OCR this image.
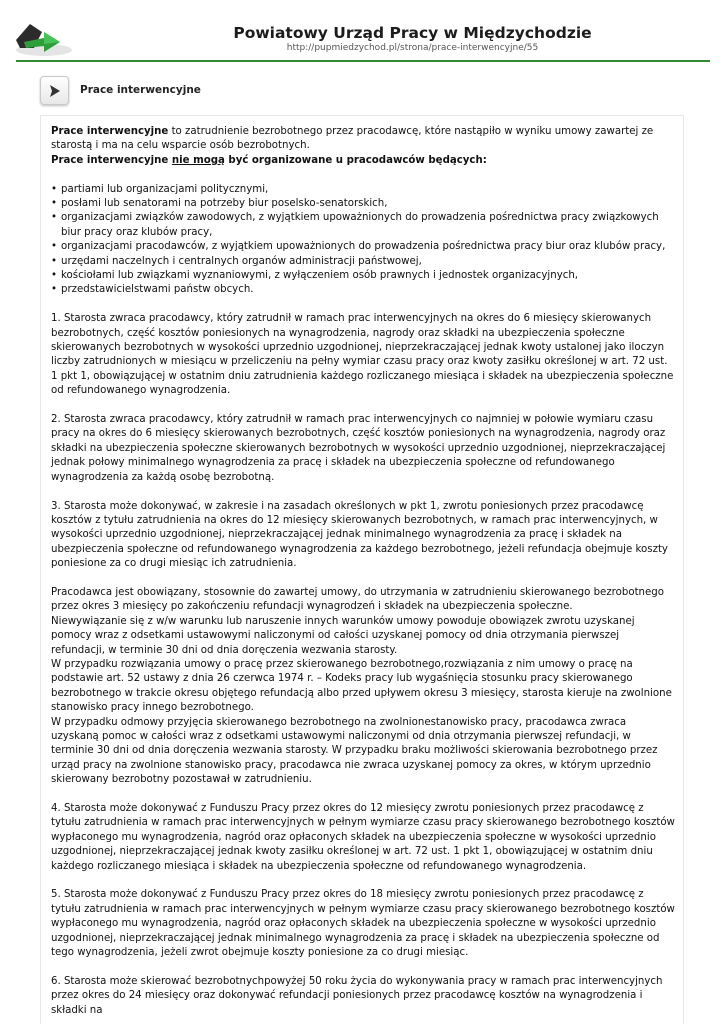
Powiatowy Urząd Pracy w Międzychodzie
http://pupmiedzychod.pl/strona/prace-interwencyjne/55
Prace interwencyjne

Prace interwencyjne to zatrudnienie bezrobotnego przez pracodawcę, które nastąpiło w wyniku umowy zawartej ze starostą i ma na celu wsparcie osób bezrobotnych.

Prace interwencyjne nie mogą być organizowane u pracodawców będących:

• partiami lub organizacjami politycznymi,
• posłami lub senatorami na potrzeby biur poselsko-senatorskich,
• organizacjami związków zawodowych, z wyjątkiem upoważnionych do prowadzenia pośrednictwa pracy związkowych biur pracy oraz klubów pracy,
• organizacjami pracodawców, z wyjątkiem upoważnionych do prowadzenia pośrednictwa pracy biur oraz klubów pracy,
• urzędami naczelnych i centralnych organów administracji państwowej,
• kościołami lub związkami wyznaniowymi, z wyłączeniem osób prawnych i jednostek organizacyjnych,
• przedstawicielstwami państw obcych.

1. Starosta zwraca pracodawcy, który zatrudnił w ramach prac interwencyjnych na okres do 6 miesięcy skierowanych bezrobotnych, część kosztów poniesionych na wynagrodzenia, nagrody oraz składki na ubezpieczenia społeczne skierowanych bezrobotnych w wysokości uprzednio uzgodnionej, nieprzekraczającej jednak kwoty ustalonej jako iloczyn liczby zatrudnionych w miesiącu w przeliczeniu na pełny wymiar czasu pracy oraz kwoty zasiłku określonej w art. 72 ust. 1 pkt 1, obowiązującej w ostatnim dniu zatrudnienia każdego rozliczanego miesiąca i składek na ubezpieczenia społeczne od refundowanego wynagrodzenia.

2. Starosta zwraca pracodawcy, który zatrudnił w ramach prac interwencyjnych co najmniej w połowie wymiaru czasu pracy na okres do 6 miesięcy skierowanych bezrobotnych, część kosztów poniesionych na wynagrodzenia, nagrody oraz składki na ubezpieczenia społeczne skierowanych bezrobotnych w wysokości uprzednio uzgodnionej, nieprzekraczającej jednak połowy minimalnego wynagrodzenia za pracę i składek na ubezpieczenia społeczne od refundowanego wynagrodzenia za każdą osobę bezrobotną.

3. Starosta może dokonywać, w zakresie i na zasadach określonych w pkt 1, zwrotu poniesionych przez pracodawcę kosztów z tytułu zatrudnienia na okres do 12 miesięcy skierowanych bezrobotnych, w ramach prac interwencyjnych, w wysokości uprzednio uzgodnionej, nieprzekraczającej jednak minimalnego wynagrodzenia za pracę i składek na ubezpieczenia społeczne od refundowanego wynagrodzenia za każdego bezrobotnego, jeżeli refundacja obejmuje koszty poniesione za co drugi miesiąc ich zatrudnienia.

Pracodawca jest obowiązany, stosownie do zawartej umowy, do utrzymania w zatrudnieniu skierowanego bezrobotnego przez okres 3 miesięcy po zakończeniu refundacji wynagrodzeń i składek na ubezpieczenia społeczne.

Niewywiązanie się z w/w warunku lub naruszenie innych warunków umowy powoduje obowiązek zwrotu uzyskanej pomocy wraz z odsetkami ustawowymi naliczonymi od całości uzyskanej pomocy od dnia otrzymania pierwszej refundacji, w terminie 30 dni od dnia doręczenia wezwania starosty.

W przypadku rozwiązania umowy o pracę przez skierowanego bezrobotnego,rozwiązania z nim umowy o pracę na podstawie art. 52 ustawy z dnia 26 czerwca 1974 r. – Kodeks pracy lub wygaśnięcia stosunku pracy skierowanego bezrobotnego w trakcie okresu objętego refundacją albo przed upływem okresu 3 miesięcy, starosta kieruje na zwolnione stanowisko pracy innego bezrobotnego.

W przypadku odmowy przyjęcia skierowanego bezrobotnego na zwolnionestanowisko pracy, pracodawca zwraca uzyskaną pomoc w całości wraz z odsetkami ustawowymi naliczonymi od dnia otrzymania pierwszej refundacji, w terminie 30 dni od dnia doręczenia wezwania starosty. W przypadku braku możliwości skierowania bezrobotnego przez urząd pracy na zwolnione stanowisko pracy, pracodawca nie zwraca uzyskanej pomocy za okres, w którym uprzednio skierowany bezrobotny pozostawał w zatrudnieniu.

4. Starosta może dokonywać z Funduszu Pracy przez okres do 12 miesięcy zwrotu poniesionych przez pracodawcę z tytułu zatrudnienia w ramach prac interwencyjnych w pełnym wymiarze czasu pracy skierowanego bezrobotnego kosztów wypłaconego mu wynagrodzenia, nagród oraz opłaconych składek na ubezpieczenia społeczne w wysokości uprzednio uzgodnionej, nieprzekraczającej jednak kwoty zasiłku określonej w art. 72 ust. 1 pkt 1, obowiązującej w ostatnim dniu każdego rozliczanego miesiąca i składek na ubezpieczenia społeczne od refundowanego wynagrodzenia.

5. Starosta może dokonywać z Funduszu Pracy przez okres do 18 miesięcy zwrotu poniesionych przez pracodawcę z tytułu zatrudnienia w ramach prac interwencyjnych w pełnym wymiarze czasu pracy skierowanego bezrobotnego kosztów wypłaconego mu wynagrodzenia, nagród oraz opłaconych składek na ubezpieczenia społeczne w wysokości uprzednio uzgodnionej, nieprzekraczającej jednak minimalnego wynagrodzenia za pracę i składek na ubezpieczenia społeczne od tego wynagrodzenia, jeżeli zwrot obejmuje koszty poniesione za co drugi miesiąc.

6. Starosta może skierować bezrobotnychpowyżej 50 roku życia do wykonywania pracy w ramach prac interwencyjnych przez okres do 24 miesięcy oraz dokonywać refundacji poniesionych przez pracodawcę kosztów na wynagrodzenia i składki na
